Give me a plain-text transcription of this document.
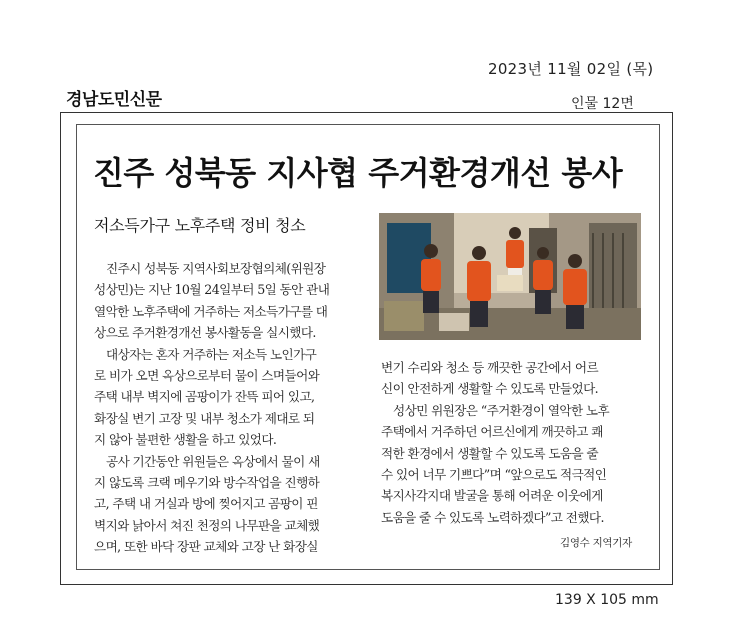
2023년 11월 02일 (목)
경남도민신문	인물 12면
진주 성북동 지사협 주거환경개선 봉사
저소득가구 노후주택 정비 청소

진주시 성북동 지역사회보장협의체(위원장

성상민)는 지난 10월 24일부터 5일 동안 관내

열악한 노후주택에 거주하는 저소득가구를 대

상으로 주거환경개선 봉사활동을 실시했다.

대상자는 혼자 거주하는 저소득 노인가구

로 비가 오면 옥상으로부터 물이 스며들어와

주택 내부 벽지에 곰팡이가 잔뜩 피어 있고,

화장실 변기 고장 및 내부 청소가 제대로 되

지 않아 불편한 생활을 하고 있었다.

공사 기간동안 위원들은 옥상에서 물이 새

지 않도록 크랙 메우기와 방수작업을 진행하

고, 주택 내 거실과 방에 찢어지고 곰팡이 핀

벽지와 낡아서 쳐진 천정의 나무판을 교체했

으며, 또한 바닥 장판 교체와 고장 난 화장실

변기 수리와 청소 등 깨끗한 공간에서 어르

신이 안전하게 생활할 수 있도록 만들었다.

성상민 위원장은 “주거환경이 열악한 노후

주택에서 거주하던 어르신에게 깨끗하고 쾌

적한 환경에서 생활할 수 있도록 도움을 줄

수 있어 너무 기쁘다”며 “앞으로도 적극적인

복지사각지대 발굴을 통해 어려운 이웃에게

도움을 줄 수 있도록 노력하겠다”고 전했다.

김영수 지역기자
139 X 105 mm
